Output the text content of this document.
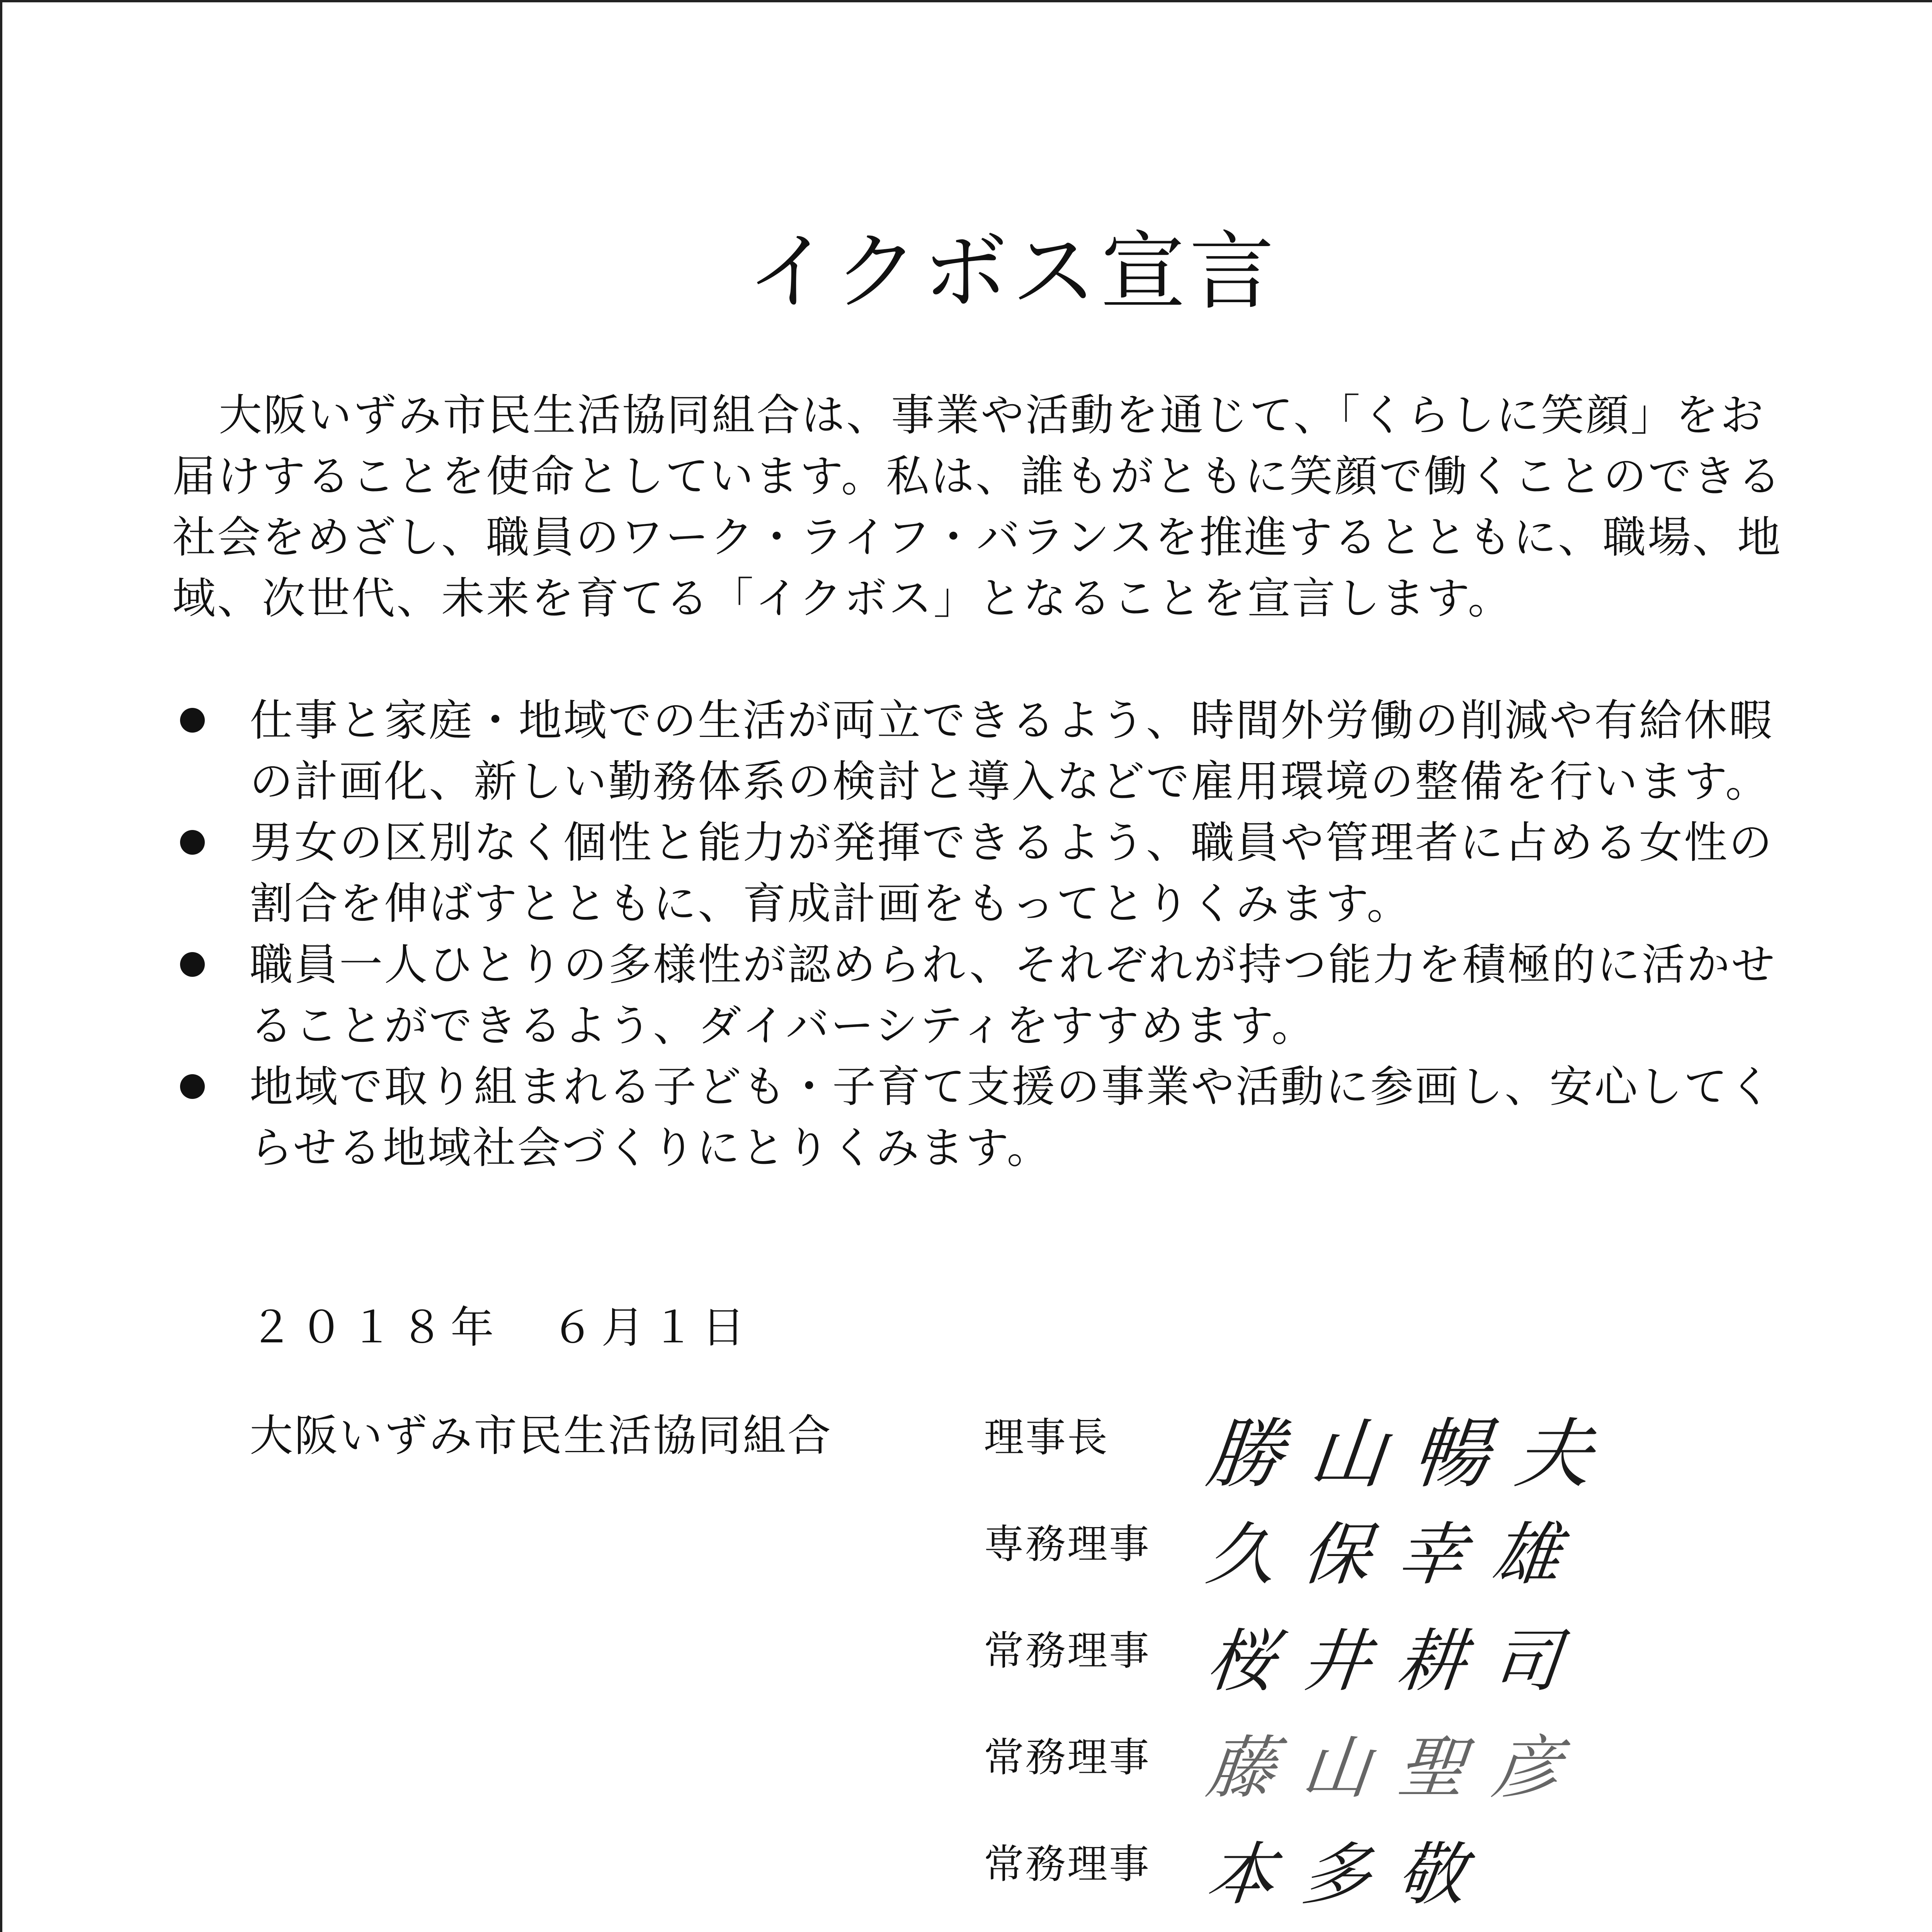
イクボス宣言

大阪いずみ市民生活協同組合は、事業や活動を通じて、「くらしに笑顔」をお届けすることを使命としています。私は、誰もがともに笑顔で働くことのできる社会をめざし、職員のワーク・ライフ・バランスを推進するとともに、職場、地域、次世代、未来を育てる「イクボス」となることを宣言します。

仕事と家庭・地域での生活が両立できるよう、時間外労働の削減や有給休暇の計画化、新しい勤務体系の検討と導入などで雇用環境の整備を行います。
男女の区別なく個性と能力が発揮できるよう、職員や管理者に占める女性の割合を伸ばすとともに、育成計画をもってとりくみます。
職員一人ひとりの多様性が認められ、それぞれが持つ能力を積極的に活かせることができるよう、ダイバーシティをすすめます。
地域で取り組まれる子ども・子育て支援の事業や活動に参画し、安心してくらせる地域社会づくりにとりくみます。
２０１８年　６月１日
大阪いずみ市民生活協同組合	理事長 勝山暢夫
専務理事 久保幸雄
常務理事 桜井耕司
常務理事 藤山聖彦
常務理事 本多敬
